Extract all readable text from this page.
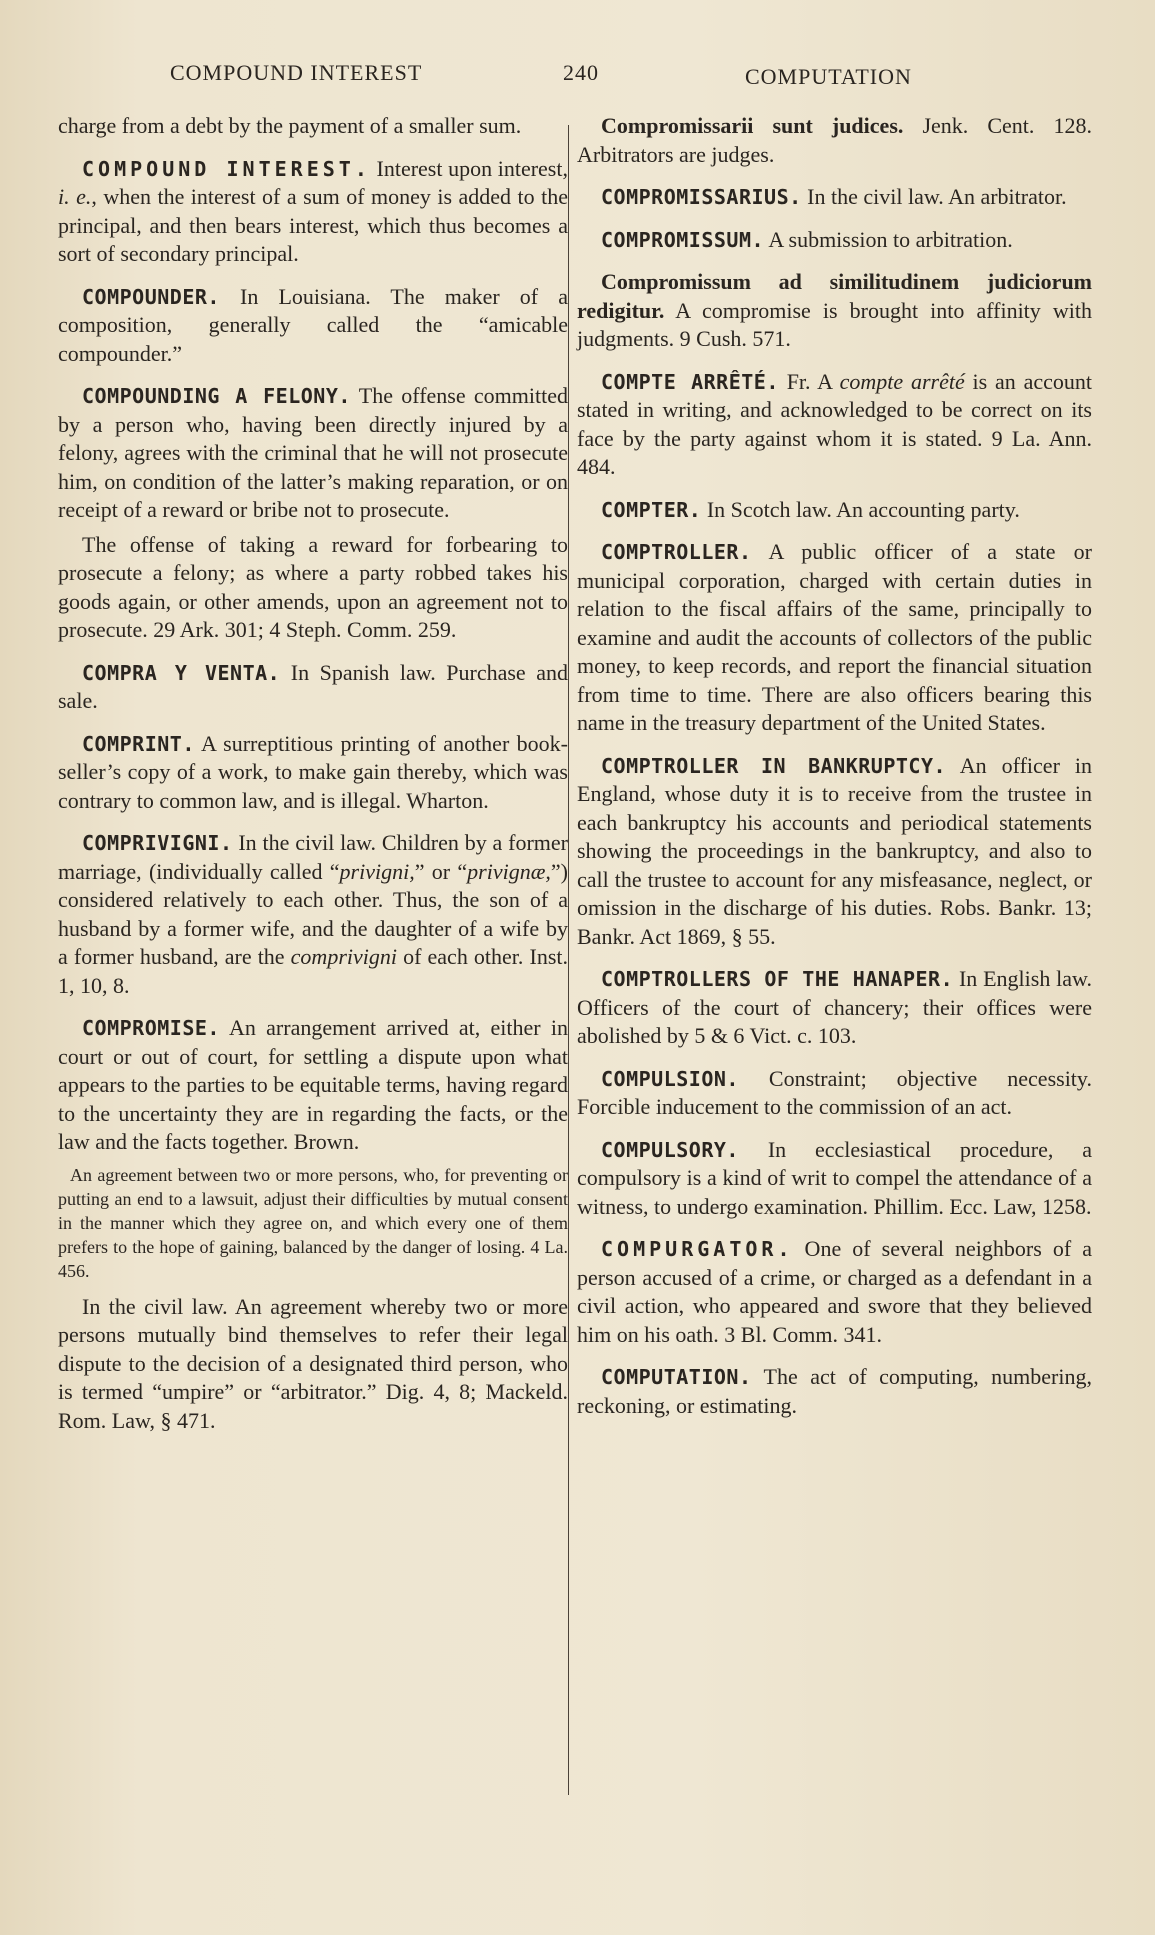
COMPOUND INTEREST	240	COMPUTATION

charge from a debt by the payment of a smaller sum.

COMPOUND INTEREST. Interest upon interest, i. e., when the interest of a sum of money is added to the principal, and then bears interest, which thus becomes a sort of secondary principal.

COMPOUNDER. In Louisiana. The maker of a composition, generally called the “amicable compounder.”

COMPOUNDING A FELONY. The offense committed by a person who, having been directly injured by a felony, agrees with the criminal that he will not prosecute him, on condition of the latter’s making reparation, or on receipt of a reward or bribe not to prosecute.

The offense of taking a reward for forbearing to prosecute a felony; as where a party robbed takes his goods again, or other amends, upon an agreement not to prosecute. 29 Ark. 301; 4 Steph. Comm. 259.

COMPRA Y VENTA. In Spanish law. Purchase and sale.

COMPRINT. A surreptitious printing of another book-seller’s copy of a work, to make gain thereby, which was contrary to common law, and is illegal. Wharton.

COMPRIVIGNI. In the civil law. Children by a former marriage, (individually called “privigni,” or “privignæ,”) considered relatively to each other. Thus, the son of a husband by a former wife, and the daughter of a wife by a former husband, are the comprivigni of each other. Inst. 1, 10, 8.

COMPROMISE. An arrangement arrived at, either in court or out of court, for settling a dispute upon what appears to the parties to be equitable terms, having regard to the uncertainty they are in regarding the facts, or the law and the facts together. Brown.

An agreement between two or more persons, who, for preventing or putting an end to a lawsuit, adjust their difficulties by mutual consent in the manner which they agree on, and which every one of them prefers to the hope of gaining, balanced by the danger of losing. 4 La. 456.

In the civil law. An agreement whereby two or more persons mutually bind themselves to refer their legal dispute to the decision of a designated third person, who is termed “umpire” or “arbitrator.” Dig. 4, 8; Mackeld. Rom. Law, § 471.

Compromissarii sunt judices. Jenk. Cent. 128. Arbitrators are judges.

COMPROMISSARIUS. In the civil law. An arbitrator.

COMPROMISSUM. A submission to arbitration.

Compromissum ad similitudinem judiciorum redigitur. A compromise is brought into affinity with judgments. 9 Cush. 571.

COMPTE ARRÊTÉ. Fr. A compte arrêté is an account stated in writing, and acknowledged to be correct on its face by the party against whom it is stated. 9 La. Ann. 484.

COMPTER. In Scotch law. An accounting party.

COMPTROLLER. A public officer of a state or municipal corporation, charged with certain duties in relation to the fiscal affairs of the same, principally to examine and audit the accounts of collectors of the public money, to keep records, and report the financial situation from time to time. There are also officers bearing this name in the treasury department of the United States.

COMPTROLLER IN BANKRUPTCY. An officer in England, whose duty it is to receive from the trustee in each bankruptcy his accounts and periodical statements showing the proceedings in the bankruptcy, and also to call the trustee to account for any misfeasance, neglect, or omission in the discharge of his duties. Robs. Bankr. 13; Bankr. Act 1869, § 55.

COMPTROLLERS OF THE HANAPER. In English law. Officers of the court of chancery; their offices were abolished by 5 & 6 Vict. c. 103.

COMPULSION. Constraint; objective necessity. Forcible inducement to the commission of an act.

COMPULSORY. In ecclesiastical procedure, a compulsory is a kind of writ to compel the attendance of a witness, to undergo examination. Phillim. Ecc. Law, 1258.

COMPURGATOR. One of several neighbors of a person accused of a crime, or charged as a defendant in a civil action, who appeared and swore that they believed him on his oath. 3 Bl. Comm. 341.

COMPUTATION. The act of computing, numbering, reckoning, or estimating.
